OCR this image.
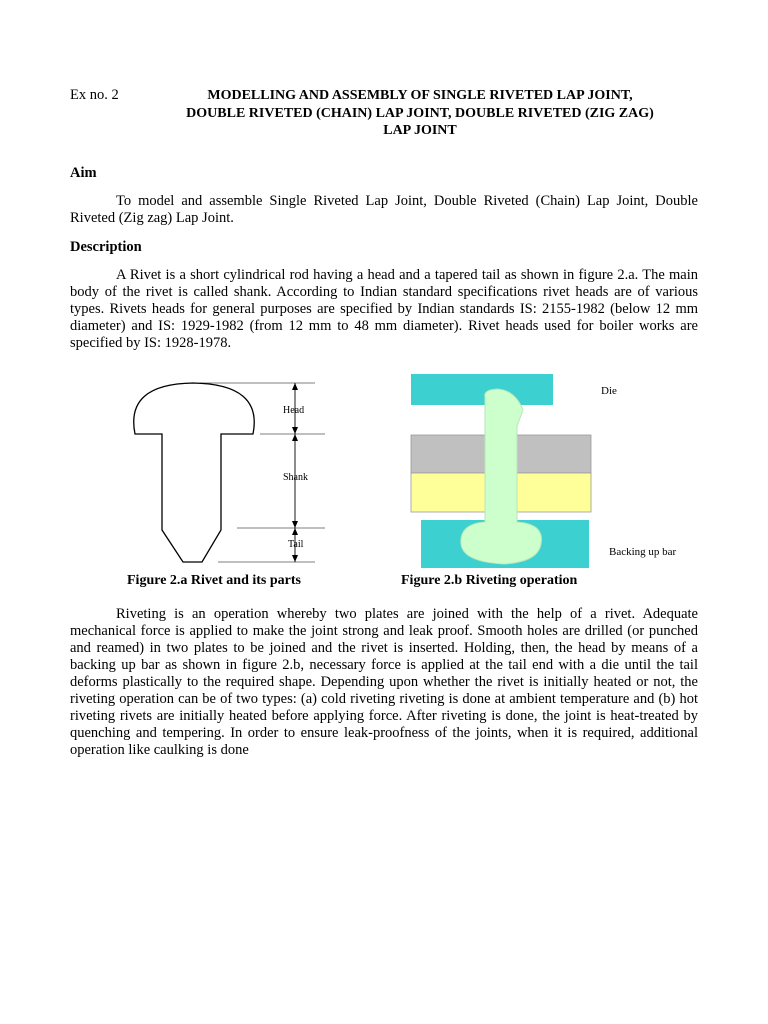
Ex no. 2	MODELLING AND ASSEMBLY OF SINGLE RIVETED LAP JOINT,
DOUBLE RIVETED (CHAIN) LAP JOINT, DOUBLE RIVETED (ZIG ZAG)
LAP JOINT
Aim
To model and assemble Single Riveted Lap Joint, Double Riveted (Chain) Lap Joint, Double Riveted (Zig zag) Lap Joint.
Description
A Rivet is a short cylindrical rod having a head and a tapered tail as shown in figure 2.a. The main body of the rivet is called shank. According to Indian standard specifications rivet heads are of various types. Rivets heads for general purposes are specified by Indian standards IS: 2155-1982 (below 12 mm diameter) and IS: 1929-1982 (from 12 mm to 48 mm diameter). Rivet heads used for boiler works are specified by IS: 1928-1978.
Head
Shank
Tail
Die
Backing up bar
Figure 2.a Rivet and its parts	Figure 2.b Riveting operation
Riveting is an operation whereby two plates are joined with the help of a rivet. Adequate mechanical force is applied to make the joint strong and leak proof. Smooth holes are drilled (or punched and reamed) in two plates to be joined and the rivet is inserted. Holding, then, the head by means of a backing up bar as shown in figure 2.b, necessary force is applied at the tail end with a die until the tail deforms plastically to the required shape. Depending upon whether the rivet is initially heated or not, the riveting operation can be of two types: (a) cold riveting riveting is done at ambient temperature and (b) hot riveting rivets are initially heated before applying force. After riveting is done, the joint is heat-treated by quenching and tempering. In order to ensure leak-proofness of the joints, when it is required, additional operation like caulking is done
